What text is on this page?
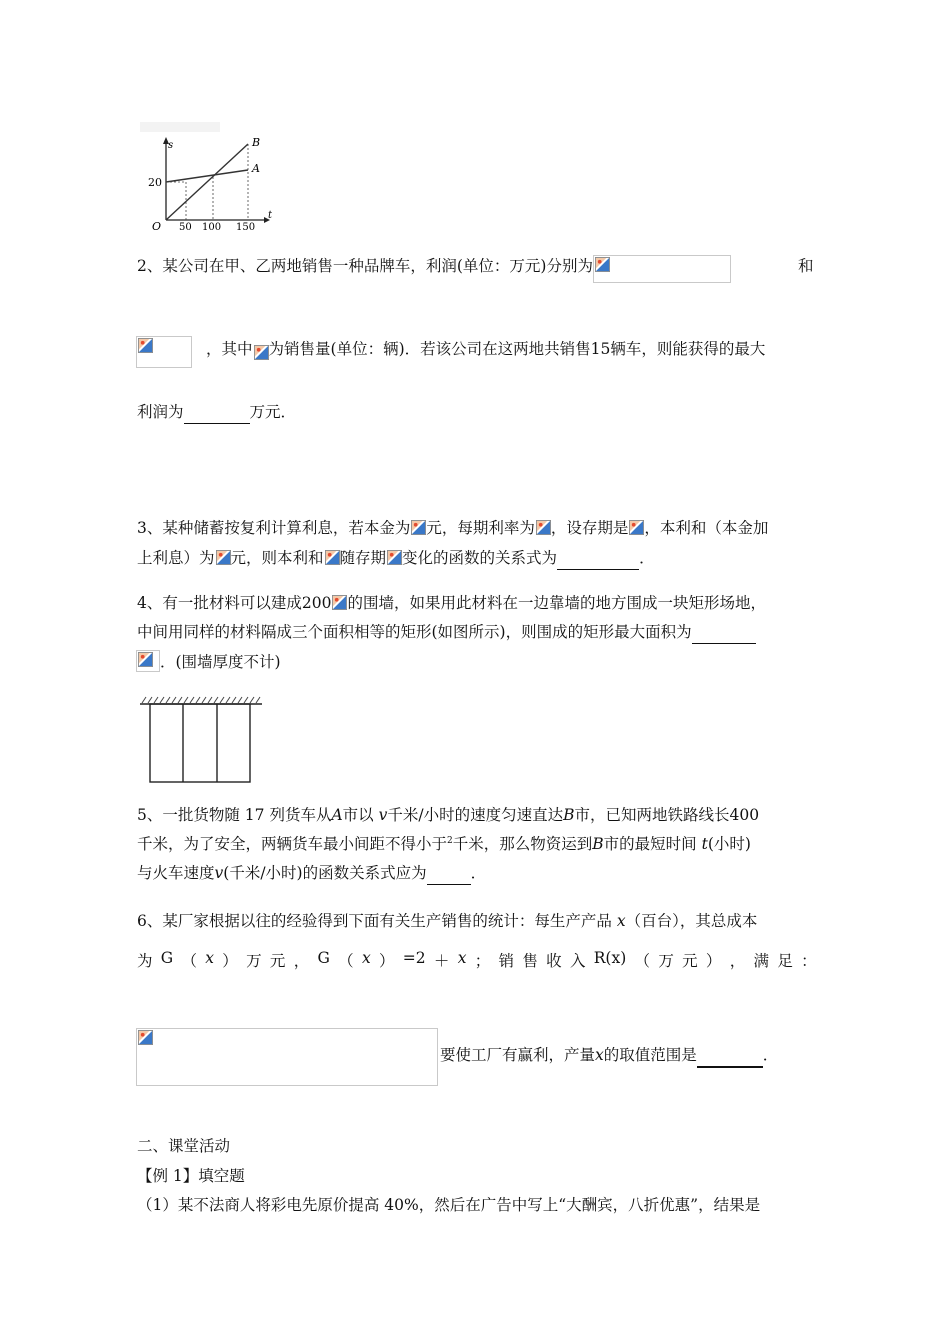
s	B
A
20
O 50 100 150
t
2、某公司在甲、乙两地销售一种品牌车，利润(单位：万元)分别为	和
，其中 为销售量(单位：辆)．若该公司在这两地共销售15辆车，则能获得的最大
利润为	万元．
3、某种储蓄按复利计算利息，若本金为 元，每期利率为 ，设存期是 ，本利和（本金加
上利息）为 元，则本利和 随存期 变化的函数的关系式为	．
4、有一批材料可以建成200 的围墙，如果用此材料在一边靠墙的地方围成一块矩形场地，
中间用同样的材料隔成三个面积相等的矩形(如图所示)，则围成的矩形最大面积为
．(围墙厚度不计)
5、一批货物随 17 列货车从A市以 v千米/小时的速度匀速直达B市，已知两地铁路线长400
千米，为了安全，两辆货车最小间距不得小于$^2$千米，那么物资运到B市的最短时间 t(小时)
与火车速度v(千米/小时)的函数关系式应为	．
6、某厂家根据以往的经验得到下面有关生产销售的统计：每生产产品 x（百台），其总成本
为 G （ x ） 万 元 ， G （ x ） =2 ＋ x ； 销 售 收 入 R(x) （ 万 元 ） ， 满 足 ：
要使工厂有赢利，产量x的取值范围是	．
二、课堂活动
【例 1】填空题
（1）某不法商人将彩电先原价提高 40%，然后在广告中写上“大酬宾，八折优惠”，结果是
